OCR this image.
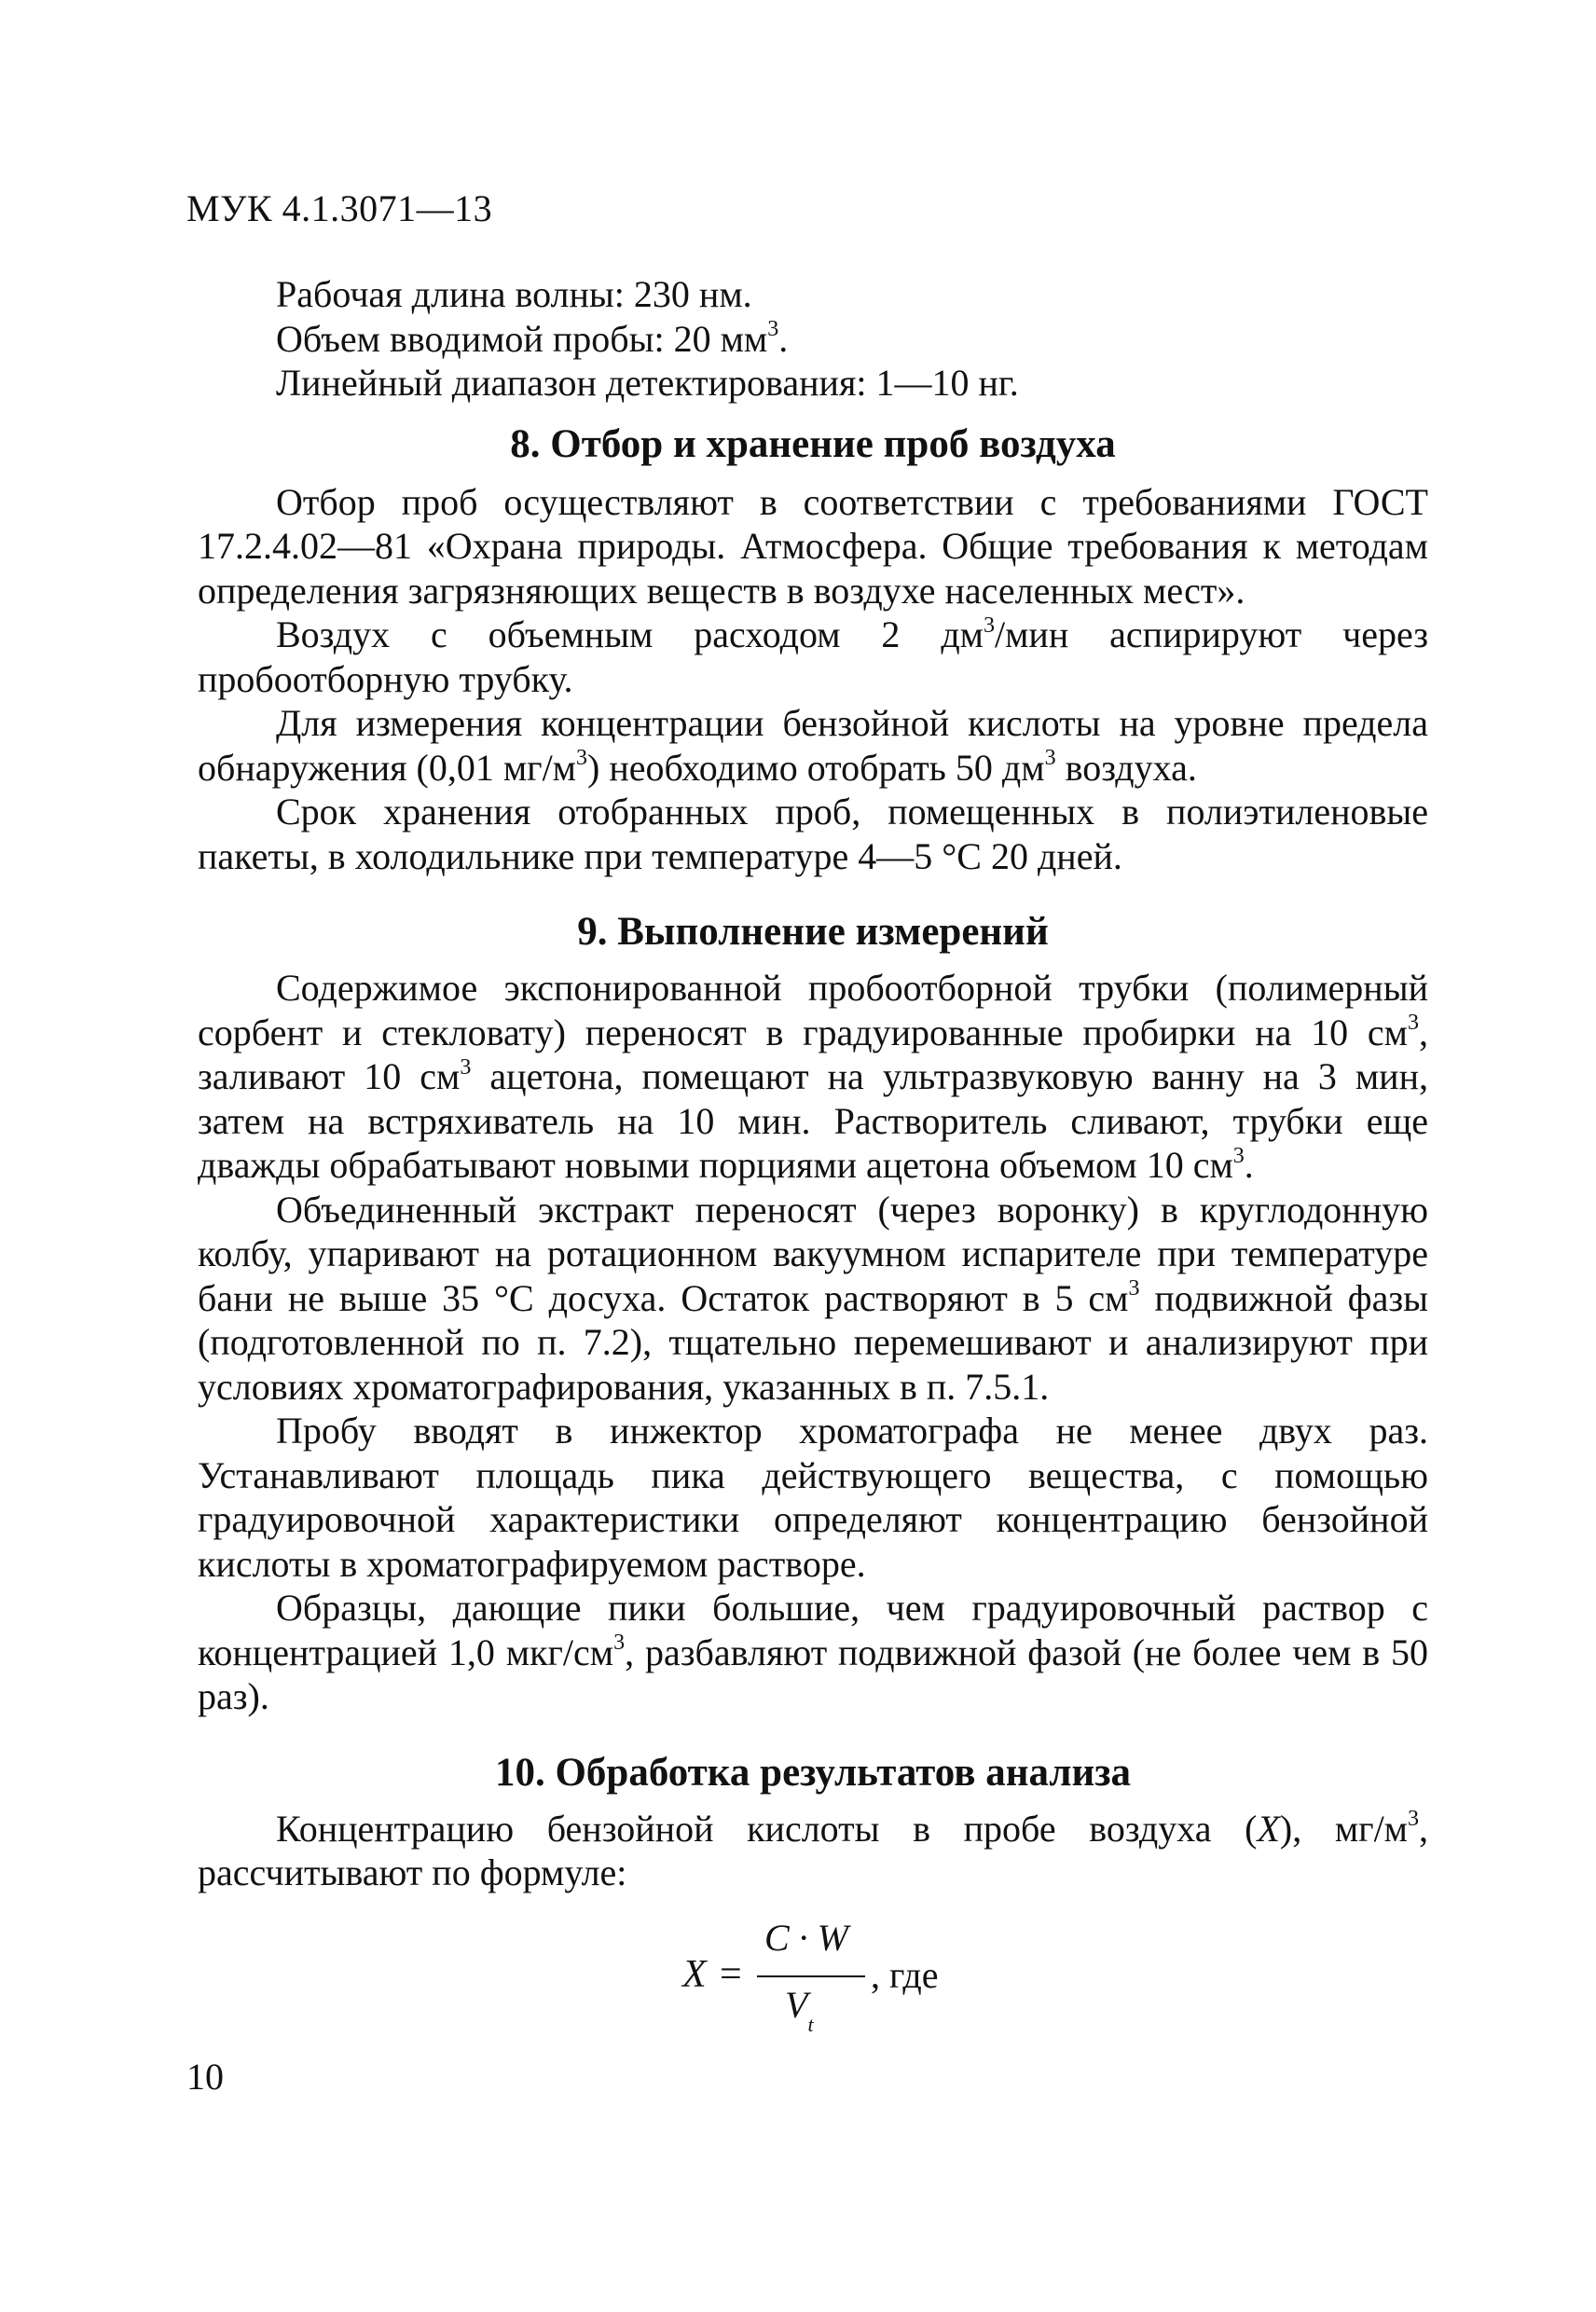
МУК 4.1.3071—13
Рабочая длина волны: 230 нм.
Объем вводимой пробы: 20 $мм^3$.
Линейный диапазон детектирования: 1—10 нг.
8. Отбор и хранение проб воздуха

Отбор проб осуществляют в соответствии с требованиями ГОСТ 17.2.4.02—81 «Охрана природы. Атмосфера. Общие требования к методам определения загрязняющих веществ в воздухе населенных мест».

Воздух с объемным расходом 2 $дм^3$/мин аспирируют через пробоотборную трубку.

Для измерения концентрации бензойной кислоты на уровне предела обнаружения (0,01 $мг/м^3$) необходимо отобрать 50 $дм^3$ воздуха.

Срок хранения отобранных проб, помещенных в полиэтиленовые пакеты, в холодильнике при температуре 4—5 °С 20 дней.

9. Выполнение измерений

Содержимое экспонированной пробоотборной трубки (полимерный сорбент и стекловату) переносят в градуированные пробирки на 10 $см^3$, заливают 10 $см^3$ ацетона, помещают на ультразвуковую ванну на 3 мин, затем на встряхиватель на 10 мин. Растворитель сливают, трубки еще дважды обрабатывают новыми порциями ацетона объемом 10 $см^3$.

Объединенный экстракт переносят (через воронку) в круглодонную колбу, упаривают на ротационном вакуумном испарителе при температуре бани не выше 35 °С досуха. Остаток растворяют в 5 $см^3$ подвижной фазы (подготовленной по п. 7.2), тщательно перемешивают и анализируют при условиях хроматографирования, указанных в п. 7.5.1.

Пробу вводят в инжектор хроматографа не менее двух раз. Устанавливают площадь пика действующего вещества, с помощью градуировочной характеристики определяют концентрацию бензойной кислоты в хроматографируемом растворе.

Образцы, дающие пики большие, чем градуировочный раствор с концентрацией 1,0 мкг/$см^3$, разбавляют подвижной фазой (не более чем в 50 раз).

10. Обработка результатов анализа

Концентрацию бензойной кислоты в пробе воздуха (X), $мг/м^3$, рассчитывают по формуле:

X =
C · W
$V_t$
, где
10
